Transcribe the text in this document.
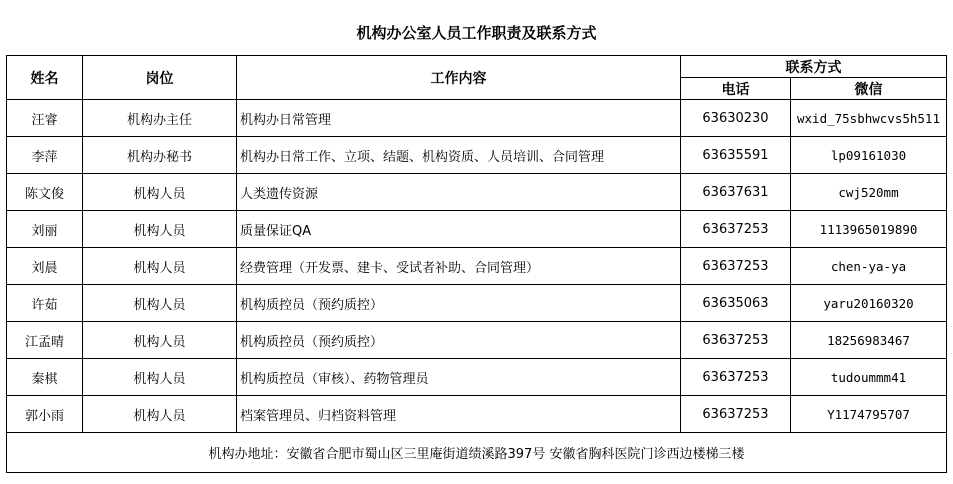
机构办公室人员工作职责及联系方式
姓名	岗位	工作内容	联系方式	
			电话	微信
汪睿	机构办主任	机构办日常管理	63630230	wxid_75sbhwcvs5h511
李萍	机构办秘书	机构办日常工作、立项、结题、机构资质、人员培训、合同管理	63635591	lp09161030
陈文俊	机构人员	人类遗传资源	63637631	cwj520mm
刘丽	机构人员	质量保证QA	63637253	1113965019890
刘晨	机构人员	经费管理（开发票、建卡、受试者补助、合同管理）	63637253	chen-ya-ya
许茹	机构人员	机构质控员（预约质控）	63635063	yaru20160320
江孟晴	机构人员	机构质控员（预约质控）	63637253	18256983467
秦棋	机构人员	机构质控员（审核）、药物管理员	63637253	tudoummm41
郭小雨	机构人员	档案管理员、归档资料管理	63637253	Y1174795707
机构办地址：安徽省合肥市蜀山区三里庵街道绩溪路397号 安徽省胸科医院门诊西边楼梯三楼				
